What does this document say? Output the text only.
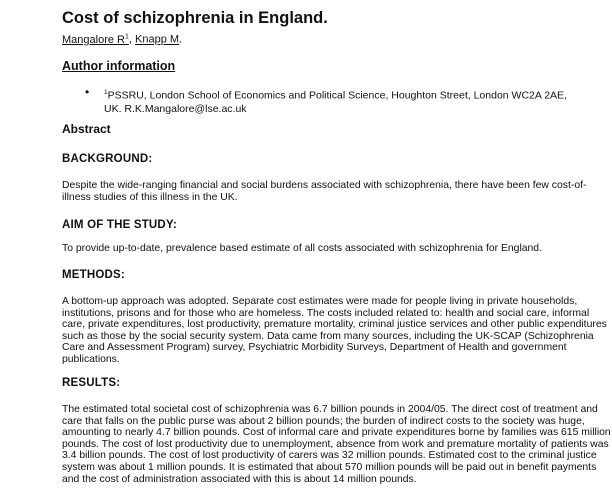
Cost of schizophrenia in England.
Mangalore $R^1$, Knapp M.
Author information
• $^1$PSSRU, London School of Economics and Political Science, Houghton Street, London WC2A 2AE, UK. R.K.Mangalore@lse.ac.uk
Abstract
BACKGROUND:

Despite the wide-ranging financial and social burdens associated with schizophrenia, there have been few cost-of-illness studies of this illness in the UK.

AIM OF THE STUDY:

To provide up-to-date, prevalence based estimate of all costs associated with schizophrenia for England.

METHODS:

A bottom-up approach was adopted. Separate cost estimates were made for people living in private households, institutions, prisons and for those who are homeless. The costs included related to: health and social care, informal care, private expenditures, lost productivity, premature mortality, criminal justice services and other public expenditures such as those by the social security system. Data came from many sources, including the UK-SCAP (Schizophrenia Care and Assessment Program) survey, Psychiatric Morbidity Surveys, Department of Health and government publications.

RESULTS:

The estimated total societal cost of schizophrenia was 6.7 billion pounds in 2004/05. The direct cost of treatment and care that falls on the public purse was about 2 billion pounds; the burden of indirect costs to the society was huge, amounting to nearly 4.7 billion pounds. Cost of informal care and private expenditures borne by families was 615 million pounds. The cost of lost productivity due to unemployment, absence from work and premature mortality of patients was 3.4 billion pounds. The cost of lost productivity of carers was 32 million pounds. Estimated cost to the criminal justice system was about 1 million pounds. It is estimated that about 570 million pounds will be paid out in benefit payments and the cost of administration associated with this is about 14 million pounds.
